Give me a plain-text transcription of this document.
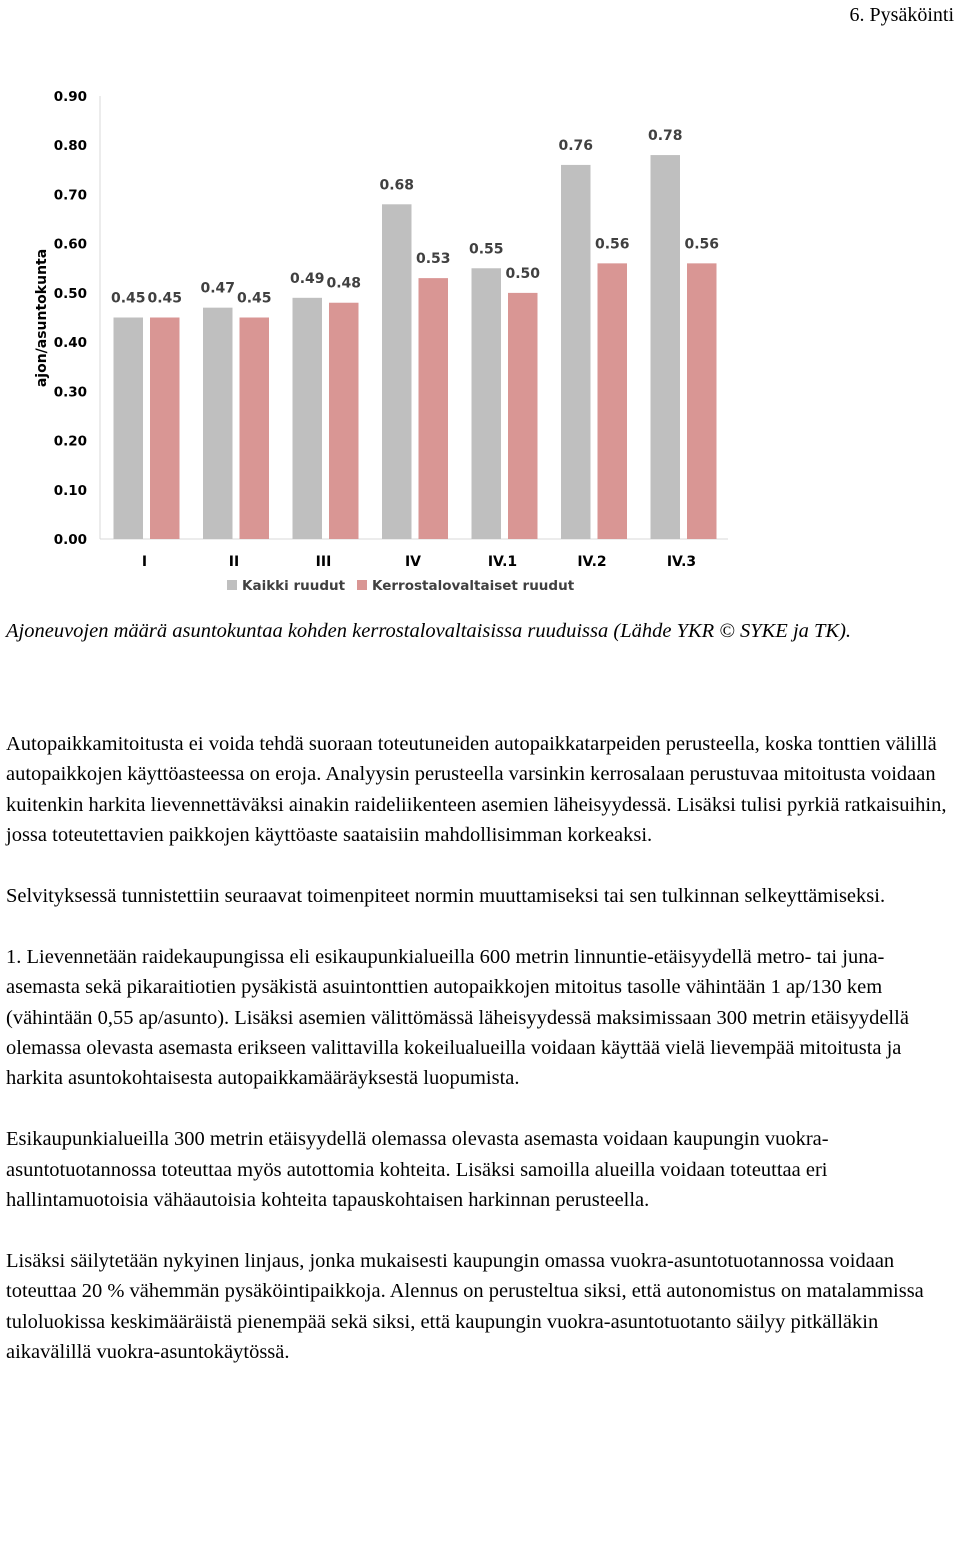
6. Pysäköinti
0.00
0.10
0.20
0.30
0.40
0.50
0.60
0.70
0.80
0.90
ajon/asuntokunta	0.45 0.45
0.47
0.45
0.49 0.48
0.68
0.53
0.55
0.50
0.76
0.56
0.78
0.56
I	II	III	IV	IV.1	IV.2	IV.3
Kaikki ruudut Kerrostalovaltaiset ruudut
Ajoneuvojen määrä asuntokuntaa kohden kerrostalovaltaisissa ruuduissa (Lähde YKR © SYKE ja TK).

Autopaikkamitoitusta ei voida tehdä suoraan toteutuneiden autopaikkatarpeiden perusteella, koska tonttien välillä autopaikkojen käyttöasteessa on eroja. Analyysin perusteella varsinkin kerrosalaan perustuvaa mitoitusta voidaan kuitenkin harkita lievennettäväksi ainakin raideliikenteen asemien läheisyydessä. Lisäksi tulisi pyrkiä ratkaisuihin, jossa toteutettavien paikkojen käyttöaste saataisiin mahdollisimman korkeaksi.

Selvityksessä tunnistettiin seuraavat toimenpiteet normin muuttamiseksi tai sen tulkinnan selkeyttämiseksi.

1. Lievennetään raidekaupungissa eli esikaupunkialueilla 600 metrin linnuntie-etäisyydellä metro- tai juna-asemasta sekä pikaraitiotien pysäkistä asuintonttien autopaikkojen mitoitus tasolle vähintään 1 ap/130 kem (vähintään 0,55 ap/asunto). Lisäksi asemien välittömässä läheisyydessä maksimissaan 300 metrin etäisyydellä olemassa olevasta asemasta erikseen valittavilla kokeilualueilla voidaan käyttää vielä lievempää mitoitusta ja harkita asuntokohtaisesta autopaikkamääräyksestä luopumista.

Esikaupunkialueilla 300 metrin etäisyydellä olemassa olevasta asemasta voidaan kaupungin vuokra-asuntotuotannossa toteuttaa myös autottomia kohteita. Lisäksi samoilla alueilla voidaan toteuttaa eri hallintamuotoisia vähäautoisia kohteita tapauskohtaisen harkinnan perusteella.

Lisäksi säilytetään nykyinen linjaus, jonka mukaisesti kaupungin omassa vuokra-asuntotuotannossa voidaan toteuttaa 20 % vähemmän pysäköintipaikkoja. Alennus on perusteltua siksi, että autonomistus on matalammissa tuloluokissa keskimääräistä pienempää sekä siksi, että kaupungin vuokra-asuntotuotanto säilyy pitkälläkin aikavälillä vuokra-asuntokäytössä.
